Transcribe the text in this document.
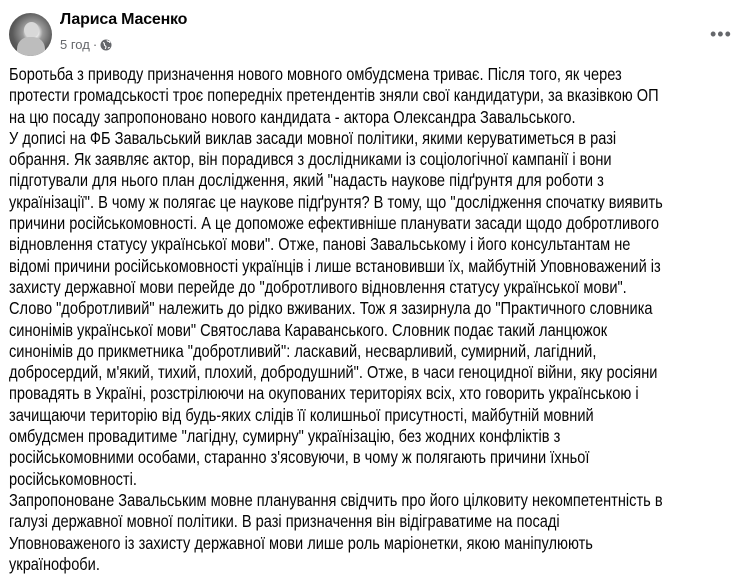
Лариса Масенко
5 год ·
•••
Боротьба з приводу призначення нового мовного омбудсмена триває. Після того, як через
протести громадськості троє попередніх претендентів зняли свої кандидатури, за вказівкою ОП
на цю посаду запропоновано нового кандидата - актора Олександра Завальського.
У дописі на ФБ Завальський виклав засади мовної політики, якими керуватиметься в разі
обрання. Як заявляє актор, він порадився з дослідниками із соціологічної кампанії і вони
підготували для нього план дослідження, який "надасть наукове підґрунтя для роботи з
українізації". В чому ж полягає це наукове підґрунтя? В тому, що "дослідження спочатку виявить
причини російськомовності. А це допоможе ефективніше планувати засади щодо добротливого
відновлення статусу української мови". Отже, панові Завальському і його консультантам не
відомі причини російськомовності українців і лише встановивши їх, майбутній Уповноважений із
захисту державної мови перейде до "добротливого відновлення статусу української мови".
Слово "добротливий" належить до рідко вживаних. Тож я зазирнула до "Практичного словника
синонімів української мови" Святослава Караванського. Словник подає такий ланцюжок
синонімів до прикметника "добротливий": ласкавий, несварливий, сумирний, лагідний,
добросердий, м'який, тихий, плохий, добродушний". Отже, в часи геноцидної війни, яку росіяни
провадять в Україні, розстрілюючи на окупованих територіях всіх, хто говорить українською і
зачищаючи територію від будь-яких слідів її колишньої присутності, майбутній мовний
омбудсмен провадитиме "лагідну, сумирну" українізацію, без жодних конфліктів з
російськомовними особами, старанно з'ясовуючи, в чому ж полягають причини їхньої
російськомовності.
Запропоноване Завальським мовне планування свідчить про його цілковиту некомпетентність в
галузі державної мовної політики. В разі призначення він відіграватиме на посаді
Уповноваженого із захисту державної мови лише роль маріонетки, якою маніпулюють
українофоби.
